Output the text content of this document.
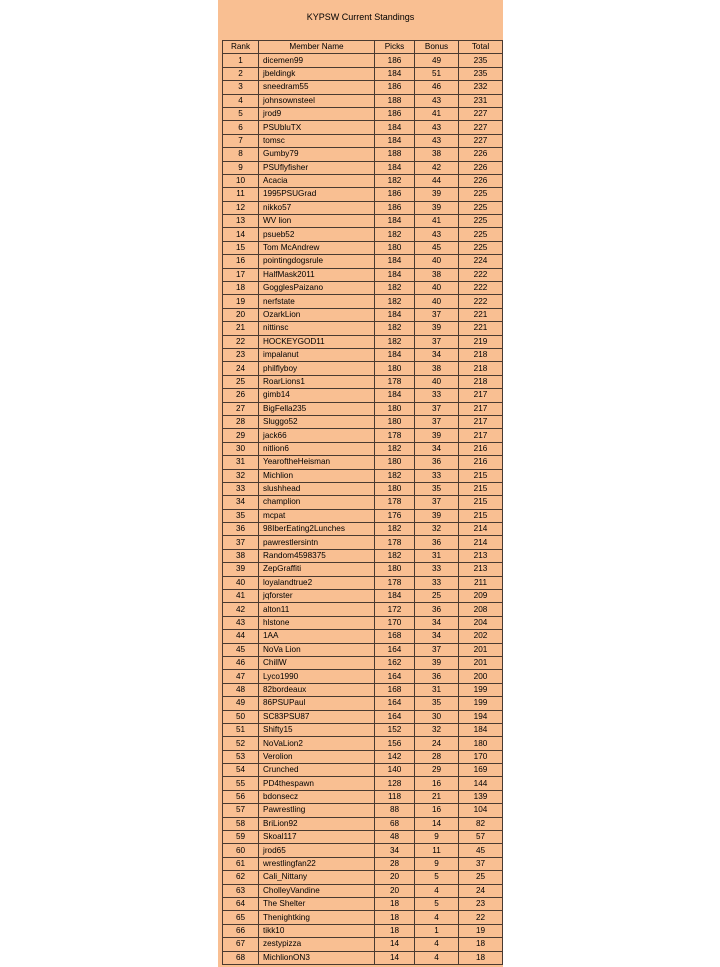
KYPSW Current Standings
Rank	Member Name	Picks	Bonus	Total
1	dicemen99	186	49	235
2	jbeldingk	184	51	235
3	sneedram55	186	46	232
4	johnsownsteel	188	43	231
5	jrod9	186	41	227
6	PSUbluTX	184	43	227
7	tomsc	184	43	227
8	Gumby79	188	38	226
9	PSUflyfisher	184	42	226
10	Acacia	182	44	226
11	1995PSUGrad	186	39	225
12	nikko57	186	39	225
13	WV lion	184	41	225
14	psueb52	182	43	225
15	Tom McAndrew	180	45	225
16	pointingdogsrule	184	40	224
17	HalfMask2011	184	38	222
18	GogglesPaizano	182	40	222
19	nerfstate	182	40	222
20	OzarkLion	184	37	221
21	nittinsc	182	39	221
22	HOCKEYGOD11	182	37	219
23	impalanut	184	34	218
24	philflyboy	180	38	218
25	RoarLions1	178	40	218
26	gimb14	184	33	217
27	BigFella235	180	37	217
28	Sluggo52	180	37	217
29	jack66	178	39	217
30	nitlion6	182	34	216
31	YearoftheHeisman	180	36	216
32	Michlion	182	33	215
33	slushhead	180	35	215
34	champlion	178	37	215
35	mcpat	176	39	215
36	98IberEating2Lunches	182	32	214
37	pawrestlersintn	178	36	214
38	Random4598375	182	31	213
39	ZepGraffiti	180	33	213
40	loyalandtrue2	178	33	211
41	jqforster	184	25	209
42	alton11	172	36	208
43	hlstone	170	34	204
44	1AA	168	34	202
45	NoVa Lion	164	37	201
46	ChillW	162	39	201
47	Lyco1990	164	36	200
48	82bordeaux	168	31	199
49	86PSUPaul	164	35	199
50	SC83PSU87	164	30	194
51	Shifty15	152	32	184
52	NoVaLion2	156	24	180
53	Verolion	142	28	170
54	Crunched	140	29	169
55	PD4thespawn	128	16	144
56	bdonsecz	118	21	139
57	Pawrestling	88	16	104
58	BriLion92	68	14	82
59	Skoal117	48	9	57
60	jrod65	34	11	45
61	wrestlingfan22	28	9	37
62	Cali_Nittany	20	5	25
63	CholleyVandine	20	4	24
64	The Shelter	18	5	23
65	Thenightking	18	4	22
66	tikk10	18	1	19
67	zestypizza	14	4	18
68	MichlionON3	14	4	18
